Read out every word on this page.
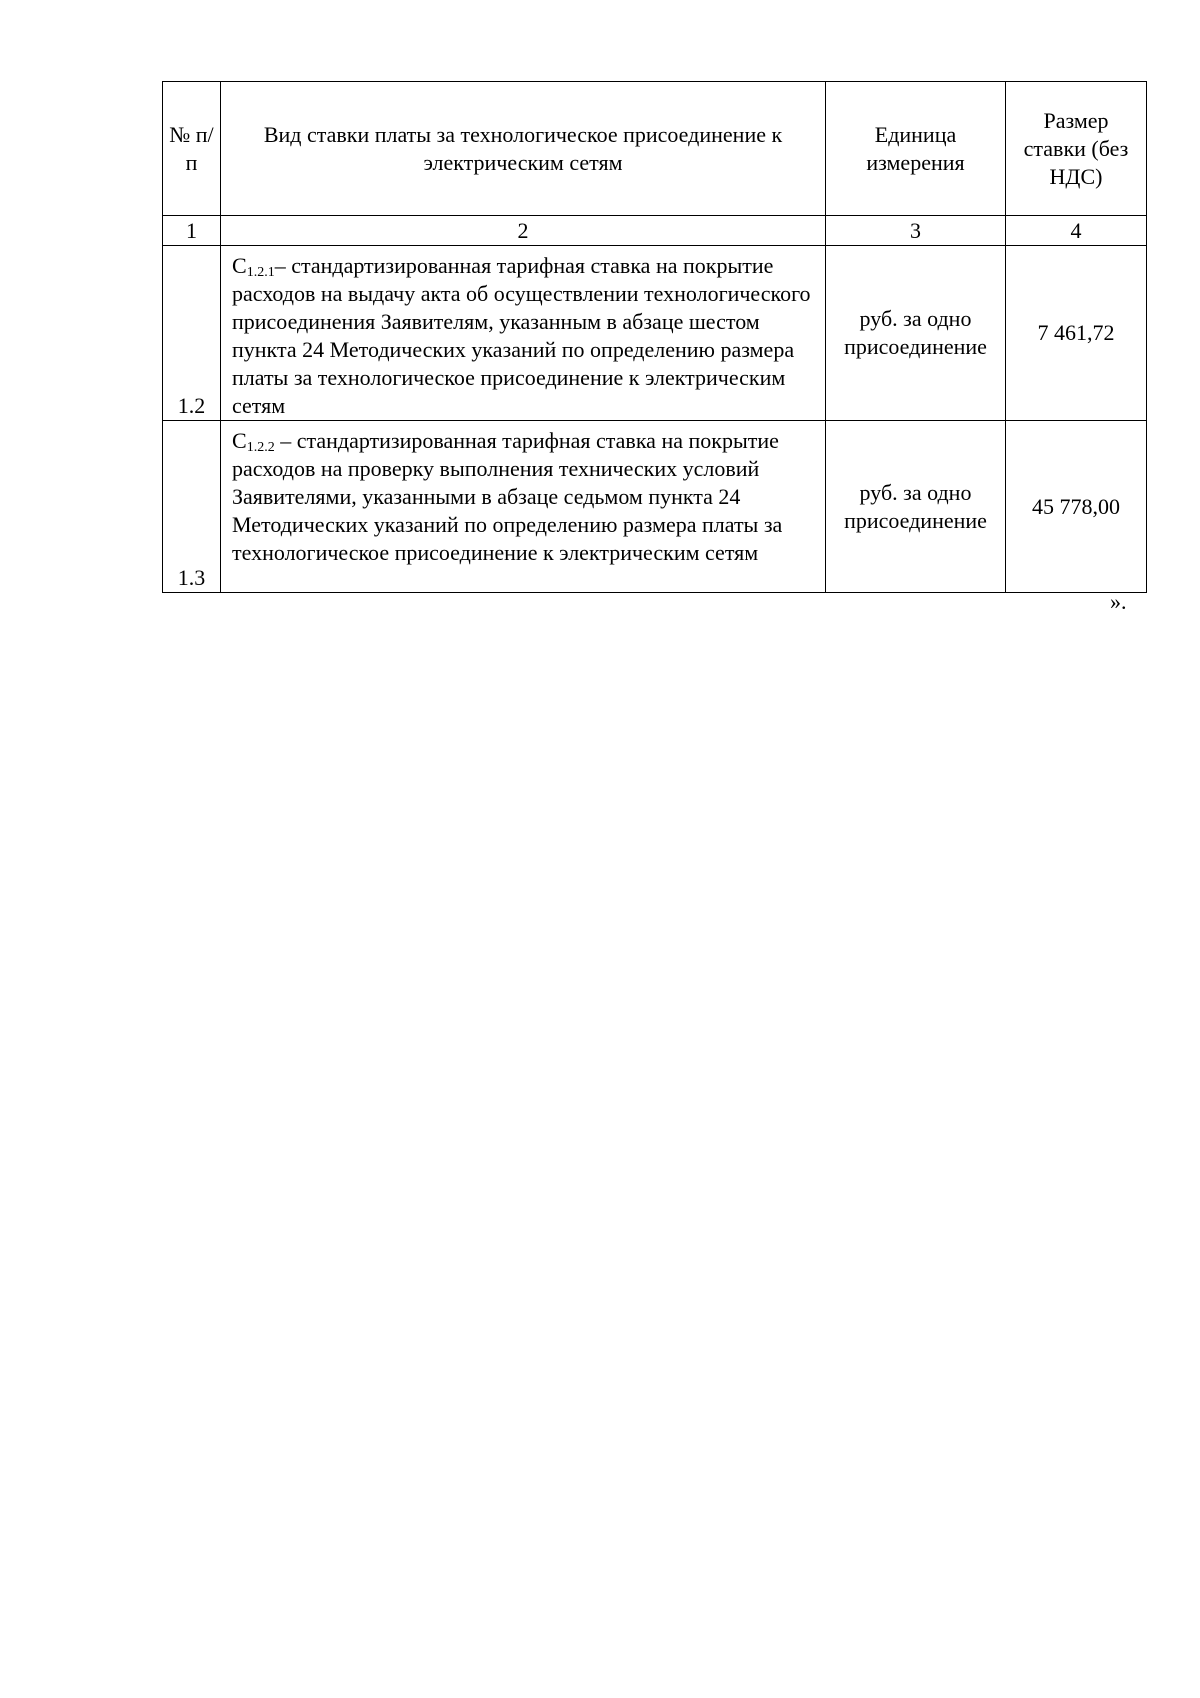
№ п/п	Вид ставки платы за технологическое присоединение к электрическим сетям	Единица измерения	Размер ставки (без НДС)
1	2	3	4
1.2	С1.2.1– стандартизированная тарифная ставка на покрытие расходов на выдачу акта об осуществлении технологического присоединения Заявителям, указанным в абзаце шестом пункта 24 Методических указаний по определению размера платы за технологическое присоединение к электрическим сетям	руб. за одно присоединение	7 461,72
1.3	С1.2.2 – стандартизированная тарифная ставка на покрытие расходов на проверку выполнения технических условий Заявителями, указанными в абзаце седьмом пункта 24 Методических указаний по определению размера платы за технологическое присоединение к электрическим сетям	руб. за одно присоединение	45 778,00
».
